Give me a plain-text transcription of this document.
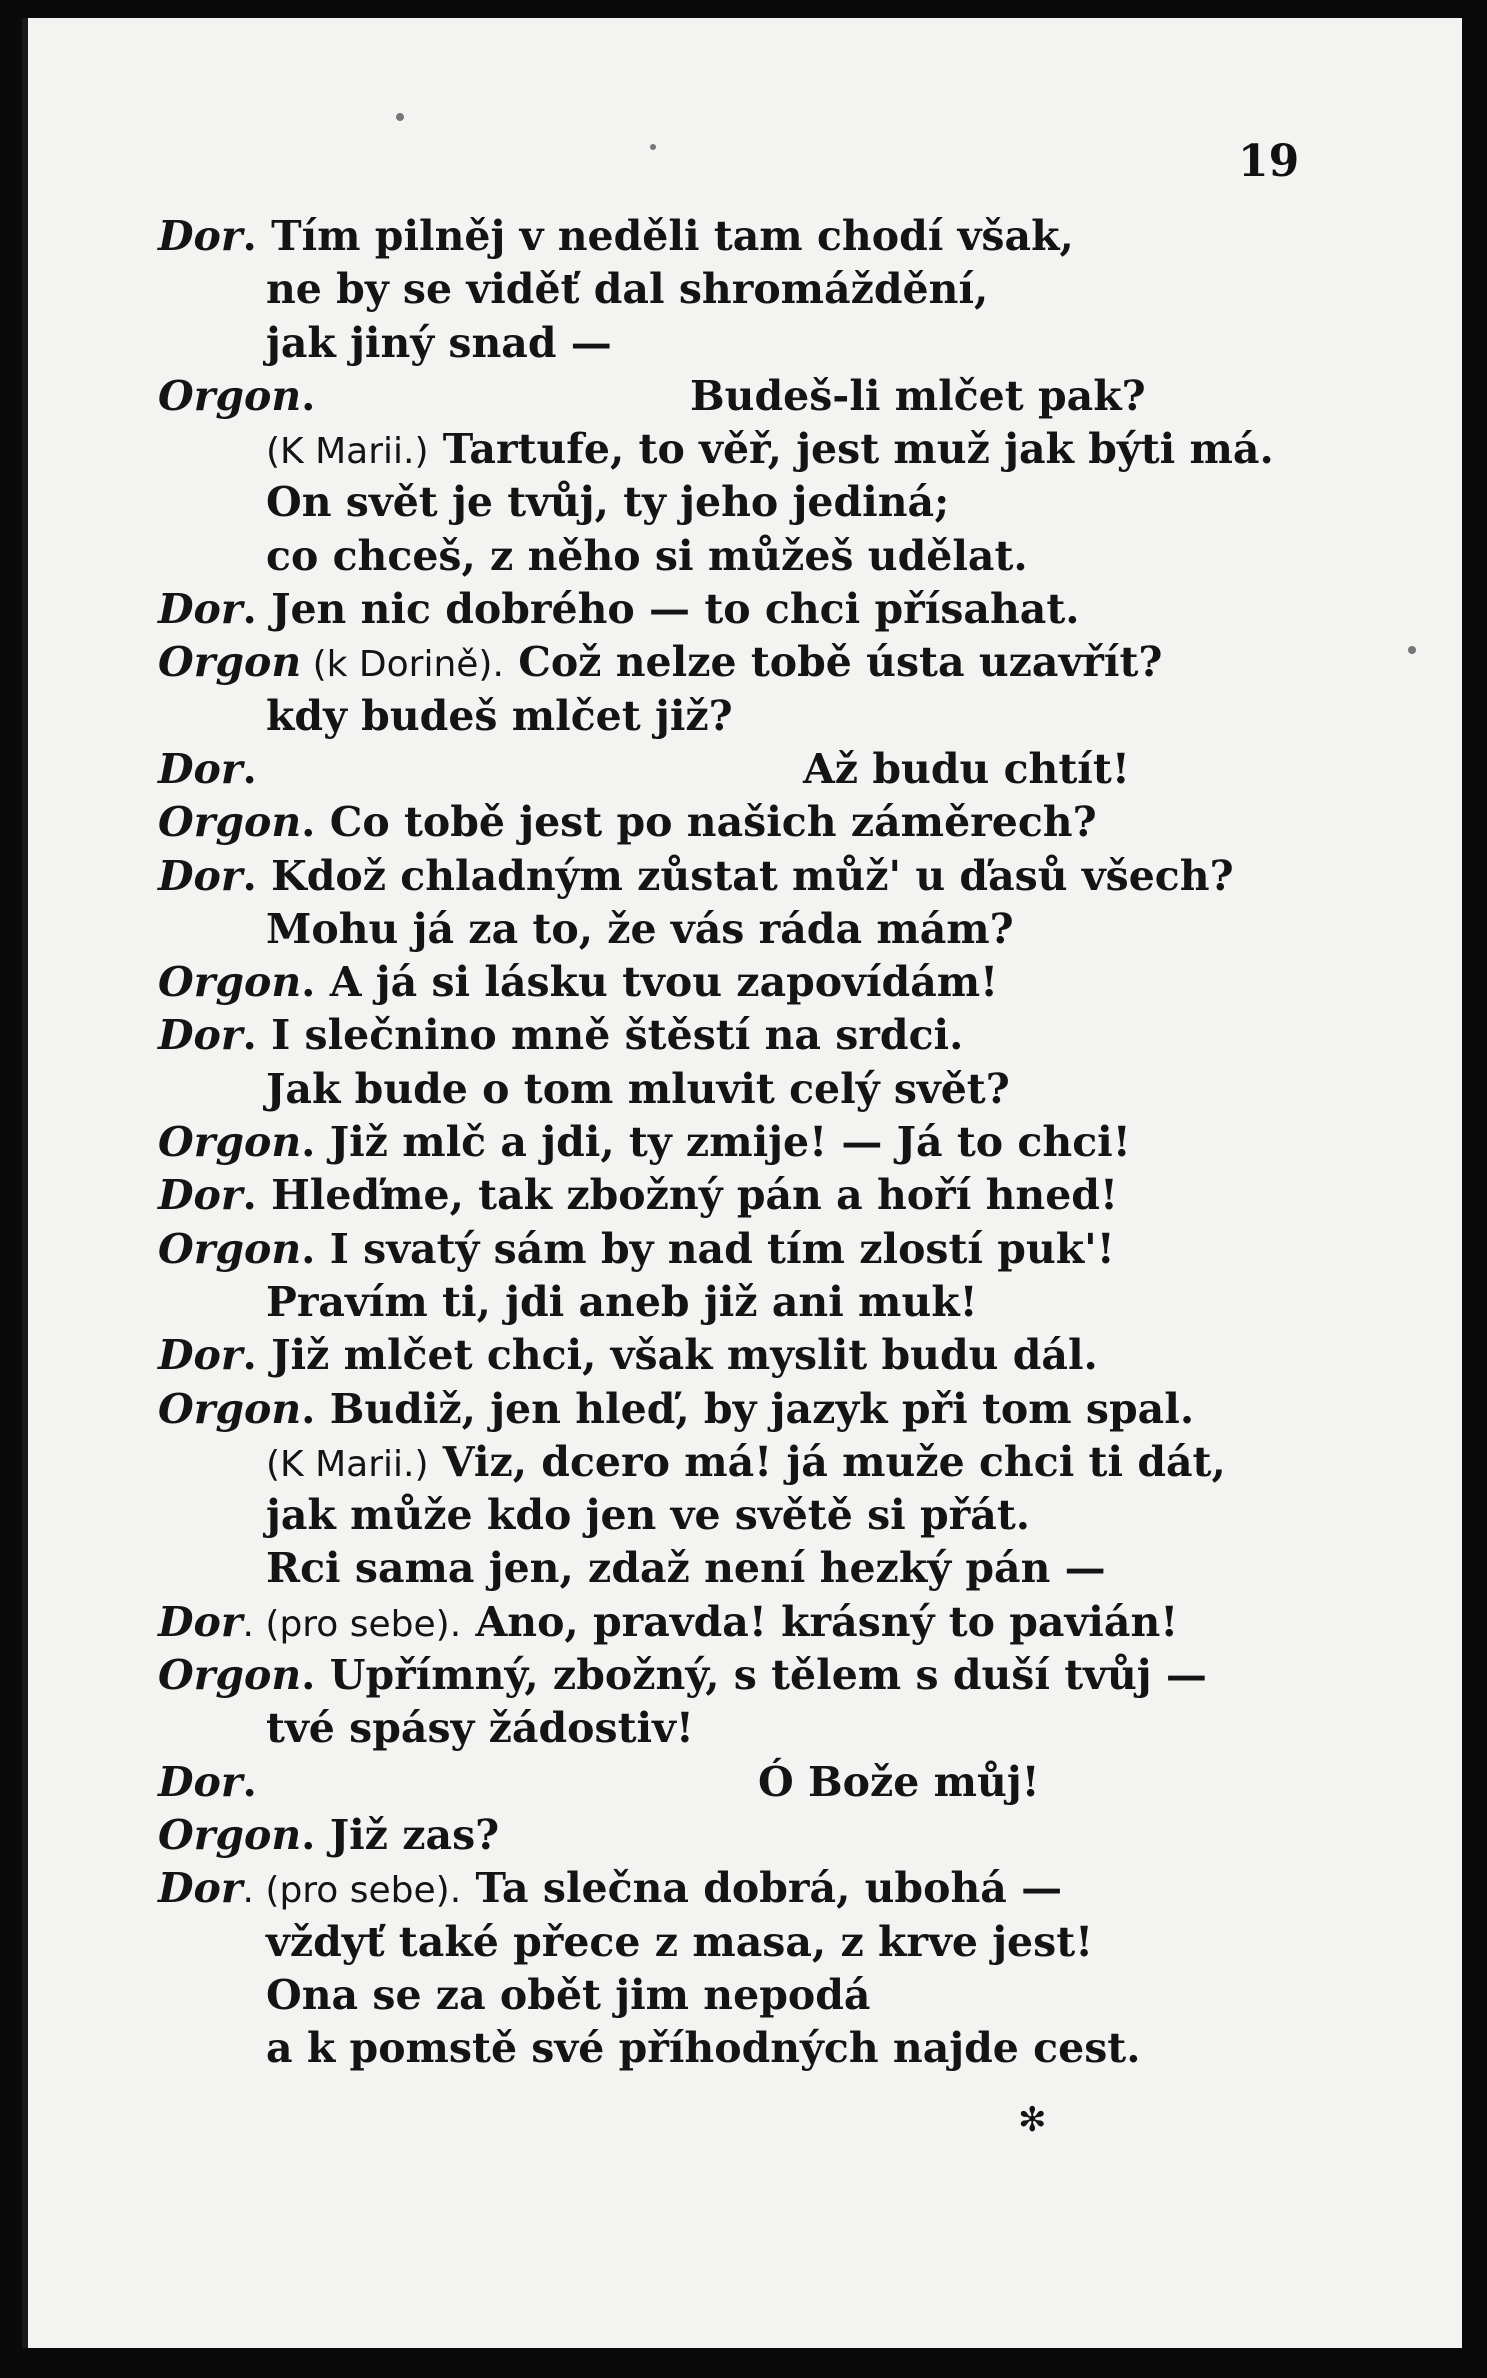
19
Dor. Tím pilněj v neděli tam chodí však,
ne by se viděť dal shromáždění,
jak jiný snad —
Orgon.	Budeš-li mlčet pak?
(K Marii.) Tartufe, to věř, jest muž jak býti má.
On svět je tvůj, ty jeho jediná;
co chceš, z něho si můžeš udělat.
Dor. Jen nic dobrého — to chci přísahat.
Orgon (k Dorině). Což nelze tobě ústa uzavřít?
kdy budeš mlčet již?
Dor.	Až budu chtít!
Orgon. Co tobě jest po našich záměrech?
Dor. Kdož chladným zůstat můž' u ďasů všech?
Mohu já za to, že vás ráda mám?
Orgon. A já si lásku tvou zapovídám!
Dor. I slečnino mně štěstí na srdci.
Jak bude o tom mluvit celý svět?
Orgon. Již mlč a jdi, ty zmije! — Já to chci!
Dor. Hleďme, tak zbožný pán a hoří hned!
Orgon. I svatý sám by nad tím zlostí puk'!
Pravím ti, jdi aneb již ani muk!
Dor. Již mlčet chci, však myslit budu dál.
Orgon. Budiž, jen hleď, by jazyk při tom spal.
(K Marii.) Viz, dcero má! já muže chci ti dát,
jak může kdo jen ve světě si přát.
Rci sama jen, zdaž není hezký pán —
Dor. (pro sebe). Ano, pravda! krásný to pavián!
Orgon. Upřímný, zbožný, s tělem s duší tvůj —
tvé spásy žádostiv!
Dor.	Ó Bože můj!
Orgon. Již zas?
Dor. (pro sebe). Ta slečna dobrá, ubohá —
vždyť také přece z masa, z krve jest!
Ona se za obět jim nepodá
a k pomstě své příhodných najde cest.
✻
